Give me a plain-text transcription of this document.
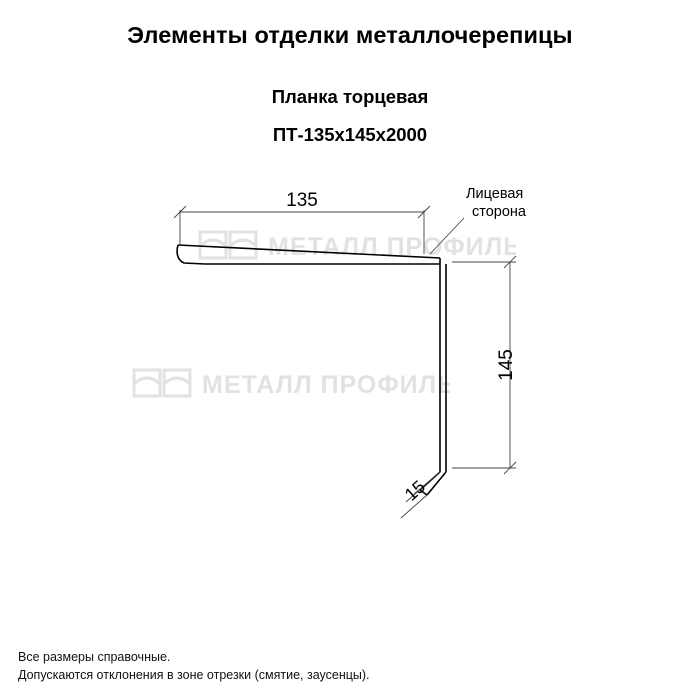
Элементы отделки металлочерепицы
Планка торцевая
ПТ-135х145х2000
МЕТАЛЛ ПРОФИЛЬ
МЕТАЛЛ ПРОФИЛЬ
135
145
15
Лицевая
сторона
Все размеры справочные.
Допускаются отклонения в зоне отрезки (смятие, заусенцы).
